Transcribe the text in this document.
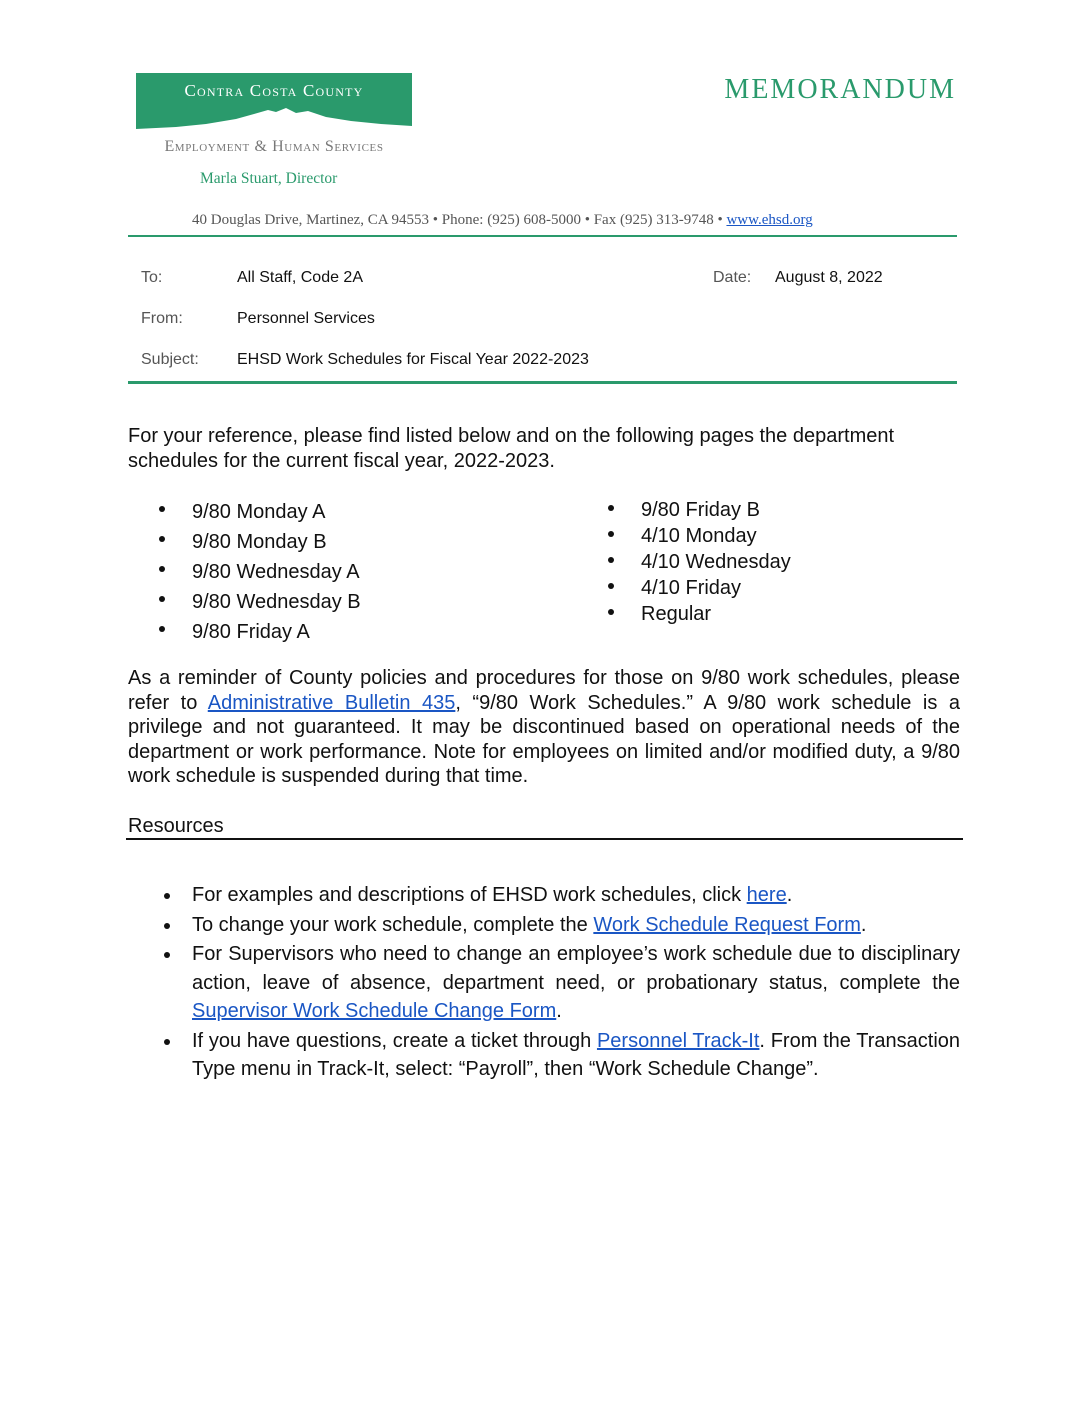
Contra Costa County
Employment & Human Services
Marla Stuart, Director
MEMORANDUM
40 Douglas Drive, Martinez, CA 94553 • Phone: (925) 608-5000 • Fax (925) 313-9748 • www.ehsd.org
To:	All Staff, Code 2A	Date: August 8, 2022
From:	Personnel Services
Subject: EHSD Work Schedules for Fiscal Year 2022-2023

For your reference, please find listed below and on the following pages the department schedules for the current fiscal year, 2022-2023.

9/80 Monday A
9/80 Monday B
9/80 Wednesday A
9/80 Wednesday B
9/80 Friday A
9/80 Friday B
4/10 Monday
4/10 Wednesday
4/10 Friday
Regular

As a reminder of County policies and procedures for those on 9/80 work schedules, please refer to Administrative Bulletin 435, “9/80 Work Schedules.” A 9/80 work schedule is a privilege and not guaranteed. It may be discontinued based on operational needs of the department or work performance. Note for employees on limited and/or modified duty, a 9/80 work schedule is suspended during that time.

Resources
For examples and descriptions of EHSD work schedules, click here.
To change your work schedule, complete the Work Schedule Request Form.
For Supervisors who need to change an employee’s work schedule due to disciplinary action, leave of absence, department need, or probationary status, complete the Supervisor Work Schedule Change Form.
If you have questions, create a ticket through Personnel Track-It. From the Transaction Type menu in Track-It, select: “Payroll”, then “Work Schedule Change”.
